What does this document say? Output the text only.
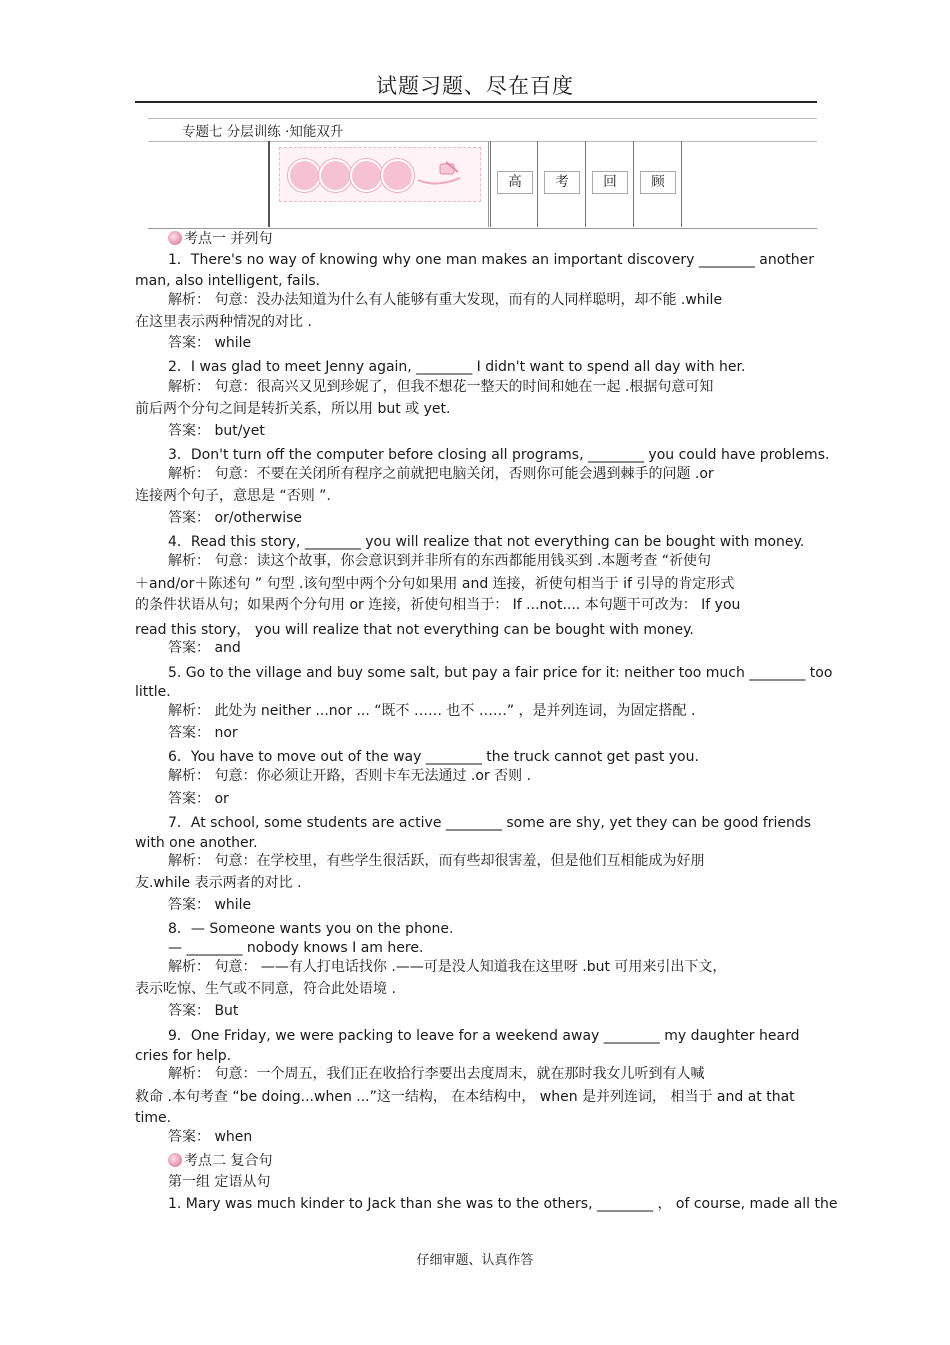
试题习题、尽在百度
专题七 分层训练 ·知能双升
高	考	回	顾
考点一 并列句
1．There's no way of knowing why one man makes an important discovery ________ another
man, also intelligent, fails.
解析： 句意：没办法知道为什么有人能够有重大发现，而有的人同样聪明，却不能 .while
在这里表示两种情况的对比 .
答案： while
2．I was glad to meet Jenny again, ________ I didn't want to spend all day with her.
解析： 句意：很高兴又见到珍妮了，但我不想花一整天的时间和她在一起 .根据句意可知
前后两个分句之间是转折关系，所以用 but 或 yet.
答案： but/yet
3．Don't turn off the computer before closing all programs, ________ you could have problems.
解析： 句意：不要在关闭所有程序之前就把电脑关闭，否则你可能会遇到棘手的问题 .or
连接两个句子，意思是 “否则 ”.
答案： or/otherwise
4．Read this story, ________ you will realize that not everything can be bought with money.
解析： 句意：读这个故事，你会意识到并非所有的东西都能用钱买到 .本题考查 “祈使句
＋and/or＋陈述句 ” 句型 .该句型中两个分句如果用 and 连接，祈使句相当于 if 引导的肯定形式
的条件状语从句；如果两个分句用 or 连接，祈使句相当于： If ...not.... 本句题干可改为： If you
read this story， you will realize that not everything can be bought with money.
答案： and
5. Go to the village and buy some salt, but pay a fair price for it: neither too much ________ too
little.
解析： 此处为 neither ...nor ... “既不 …… 也不 ……” ，是并列连词，为固定搭配 .
答案： nor
6．You have to move out of the way ________ the truck cannot get past you.
解析： 句意：你必须让开路，否则卡车无法通过 .or 否则 .
答案： or
7．At school, some students are active ________ some are shy, yet they can be good friends
with one another.
解析： 句意：在学校里，有些学生很活跃，而有些却很害羞，但是他们互相能成为好朋
友.while 表示两者的对比 .
答案： while
8．— Someone wants you on the phone.
— ________ nobody knows I am here.
解析： 句意： ——有人打电话找你 .——可是没人知道我在这里呀 .but 可用来引出下文，
表示吃惊、生气或不同意，符合此处语境 .
答案： But
9．One Friday, we were packing to leave for a weekend away ________ my daughter heard
cries for help.
解析： 句意：一个周五，我们正在收拾行李要出去度周末，就在那时我女儿听到有人喊
救命 .本句考查 “be doing...when ...”这一结构， 在本结构中， when 是并列连词， 相当于 and at that
time.
答案： when
考点二 复合句
第一组 定语从句
1. Mary was much kinder to Jack than she was to the others, ________ ， of course, made all the
仔细审题、认真作答
